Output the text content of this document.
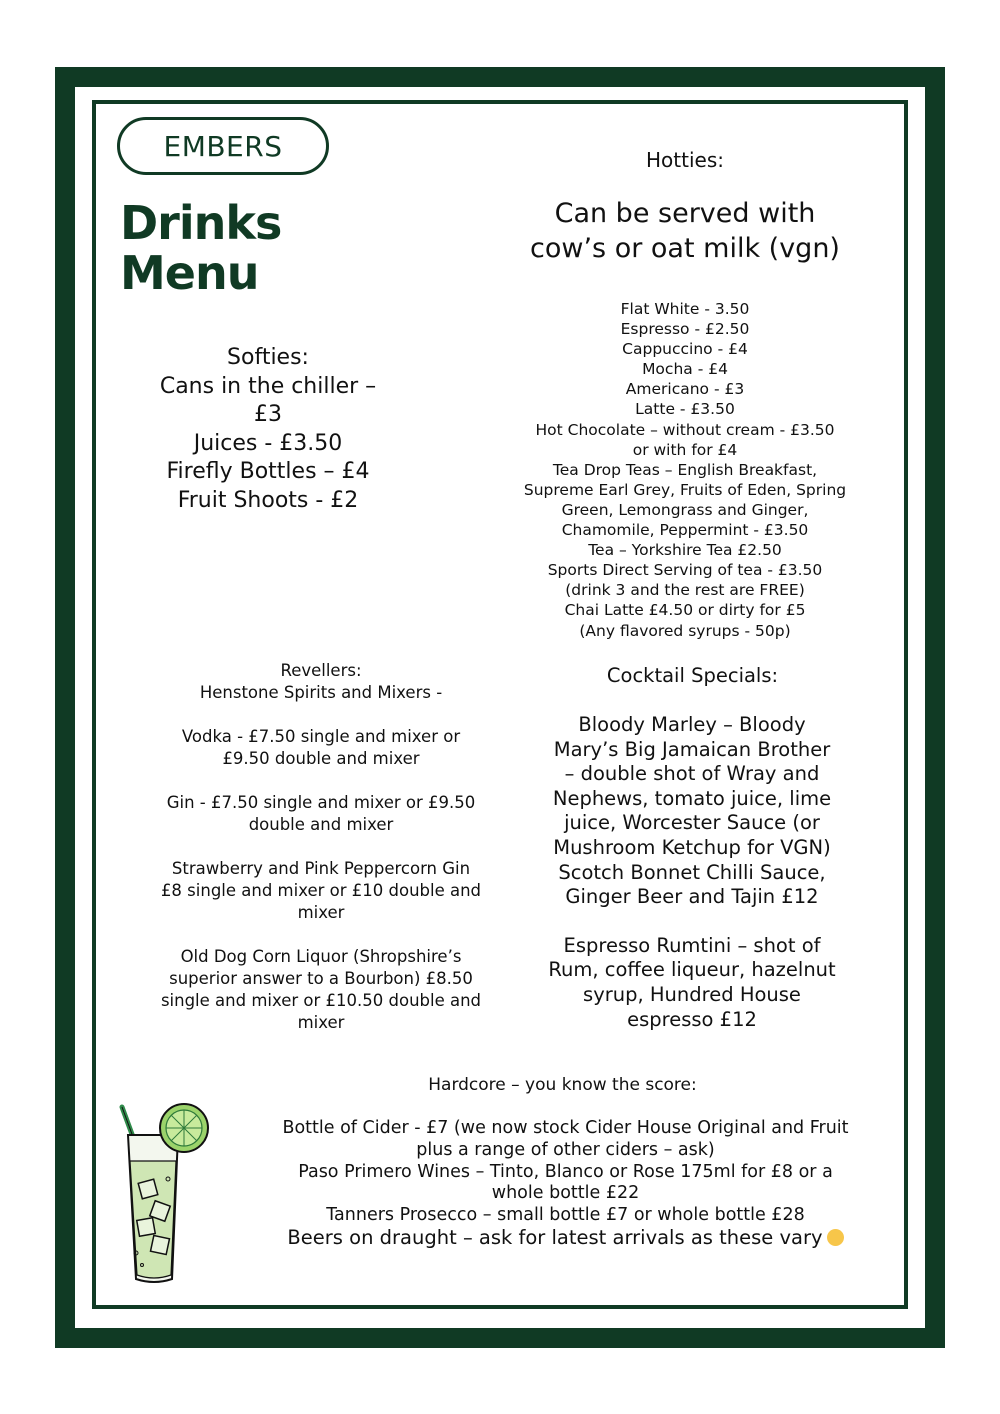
EMBERS
Drinks
Menu

Softies:
Cans in the chiller –
£3
Juices - £3.50
Firefly Bottles – £4
Fruit Shoots - £2
Hotties:
Can be served with
cow’s or oat milk (vgn)
Flat White - 3.50
Espresso - £2.50
Cappuccino - £4
Mocha - £4
Americano - £3
Latte - £3.50
Hot Chocolate – without cream - £3.50
or with for £4
Tea Drop Teas – English Breakfast,
Supreme Earl Grey, Fruits of Eden, Spring
Green, Lemongrass and Ginger,
Chamomile, Peppermint - £3.50
Tea – Yorkshire Tea £2.50
Sports Direct Serving of tea - £3.50
(drink 3 and the rest are FREE)
Chai Latte £4.50 or dirty for £5
(Any flavored syrups - 50p)
Revellers:
Henstone Spirits and Mixers -
Vodka - £7.50 single and mixer or
£9.50 double and mixer
Gin - £7.50 single and mixer or £9.50
double and mixer
Strawberry and Pink Peppercorn Gin
£8 single and mixer or £10 double and
mixer
Old Dog Corn Liquor (Shropshire’s
superior answer to a Bourbon) £8.50
single and mixer or £10.50 double and
mixer
Cocktail Specials:
Bloody Marley – Bloody
Mary’s Big Jamaican Brother
– double shot of Wray and
Nephews, tomato juice, lime
juice, Worcester Sauce (or
Mushroom Ketchup for VGN)
Scotch Bonnet Chilli Sauce,
Ginger Beer and Tajin £12
Espresso Rumtini – shot of
Rum, coffee liqueur, hazelnut
syrup, Hundred House
espresso £12
Hardcore – you know the score:
Bottle of Cider - £7 (we now stock Cider House Original and Fruit
plus a range of other ciders – ask)
Paso Primero Wines – Tinto, Blanco or Rose 175ml for £8 or a
whole bottle £22
Tanners Prosecco – small bottle £7 or whole bottle £28
Beers on draught – ask for latest arrivals as these vary
